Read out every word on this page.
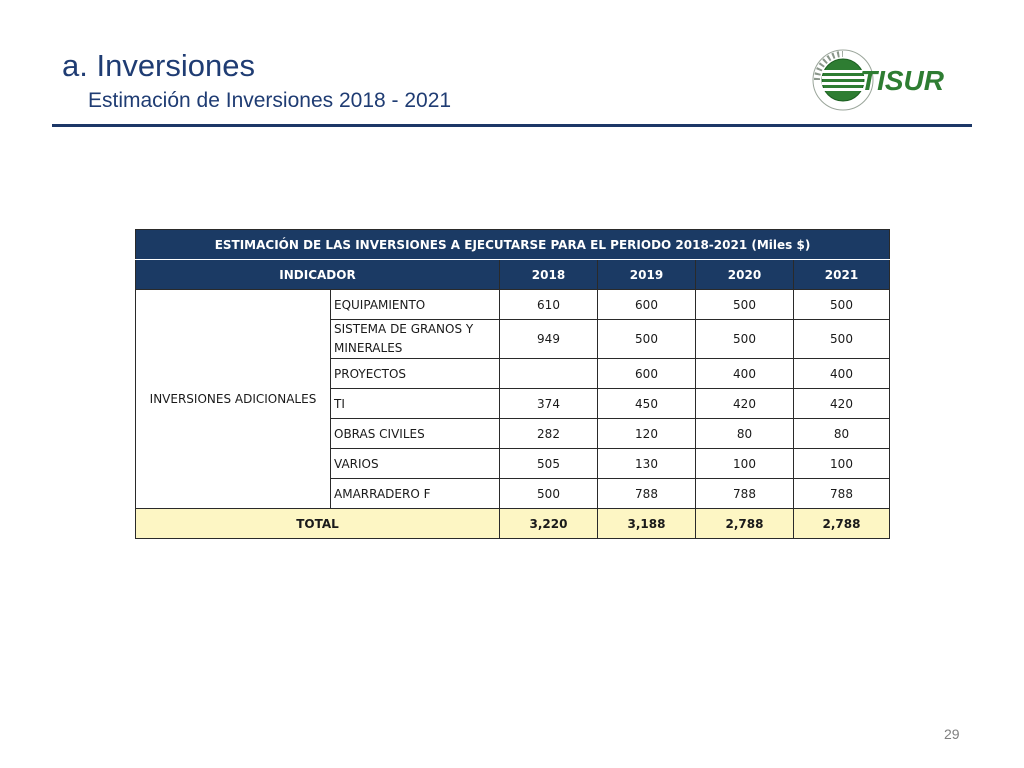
a. Inversiones
Estimación de Inversiones 2018 - 2021
TISUR
ESTIMACIÓN DE LAS INVERSIONES A EJECUTARSE PARA EL PERIODO 2018-2021 (Miles $)					
INDICADOR		2018	2019	2020	2021
INVERSIONES ADICIONALES	EQUIPAMIENTO	610	600	500	500
	SISTEMA DE GRANOS Y MINERALES	949	500	500	500
	PROYECTOS		600	400	400
	TI	374	450	420	420
	OBRAS CIVILES	282	120	80	80
	VARIOS	505	130	100	100
	AMARRADERO F	500	788	788	788
TOTAL		3,220	3,188	2,788	2,788
29
